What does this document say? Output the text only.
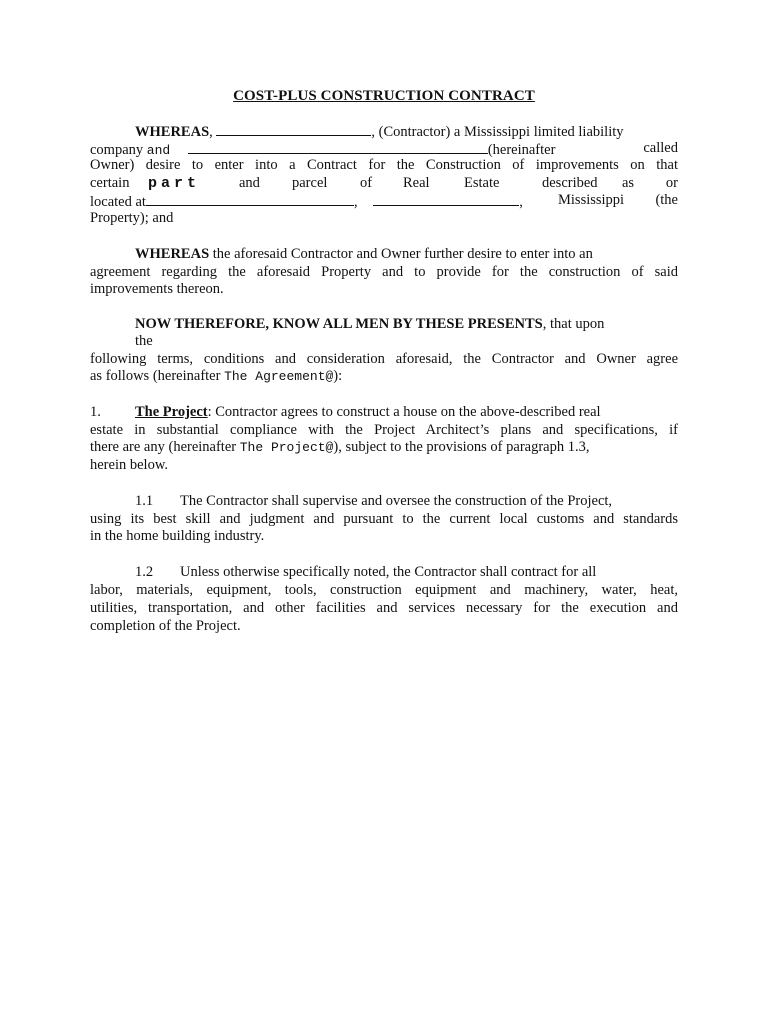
COST-PLUS CONSTRUCTION CONTRACT
WHEREAS,	, (Contractor) a Mississippi limited liability
company and	(hereinafter	called
Owner) desire to enter into a Contract for the Construction of improvements on that
certain part	and parcel of Real Estate	described as or
located at	,	, Mississippi (the
Property); and
WHEREAS the aforesaid Contractor and Owner further desire to enter into an
agreement regarding the aforesaid Property and to provide for the construction of said
improvements thereon.
NOW THEREFORE, KNOW ALL MEN BY THESE PRESENTS, that upon
the
following terms, conditions and consideration aforesaid, the Contractor and Owner agree
as follows (hereinafter The Agreement@):
1. The Project: Contractor agrees to construct a house on the above-described real
estate in substantial compliance with the Project Architect’s plans and specifications, if
there are any (hereinafter The Project@), subject to the provisions of paragraph 1.3,
herein below.
1.1 The Contractor shall supervise and oversee the construction of the Project,
using its best skill and judgment and pursuant to the current local customs and standards
in the home building industry.
1.2 Unless otherwise specifically noted, the Contractor shall contract for all
labor, materials, equipment, tools, construction equipment and machinery, water, heat,
utilities, transportation, and other facilities and services necessary for the execution and
completion of the Project.
